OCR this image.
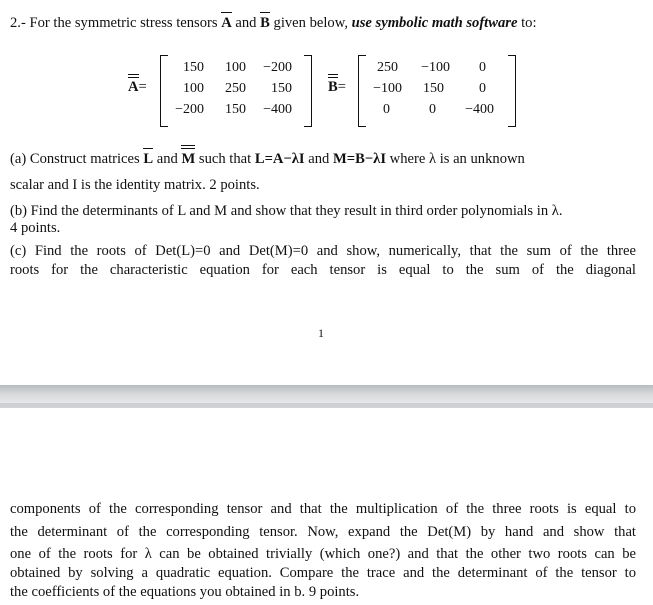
2.- For the symmetric stress tensors A and B given below, use symbolic math software to:
A=
150	100	−200
100	250	150
−200	150	−400
B=
250	−100	0
−100	150	0
0	0	−400
(a) Construct matrices L and M such that L=A−λI and M=B−λI where λ is an unknown
scalar and I is the identity matrix. 2 points.
(b) Find the determinants of L and M and show that they result in third order polynomials in λ.
4 points.
(c) Find the roots of Det(L)=0 and Det(M)=0 and show, numerically, that the sum of the three
roots for the characteristic equation for each tensor is equal to the sum of the diagonal
1
components of the corresponding tensor and that the multiplication of the three roots is equal to
the determinant of the corresponding tensor. Now, expand the Det(M) by hand and show that
one of the roots for λ can be obtained trivially (which one?) and that the other two roots can be
obtained by solving a quadratic equation. Compare the trace and the determinant of the tensor to
the coefficients of the equations you obtained in b. 9 points.
